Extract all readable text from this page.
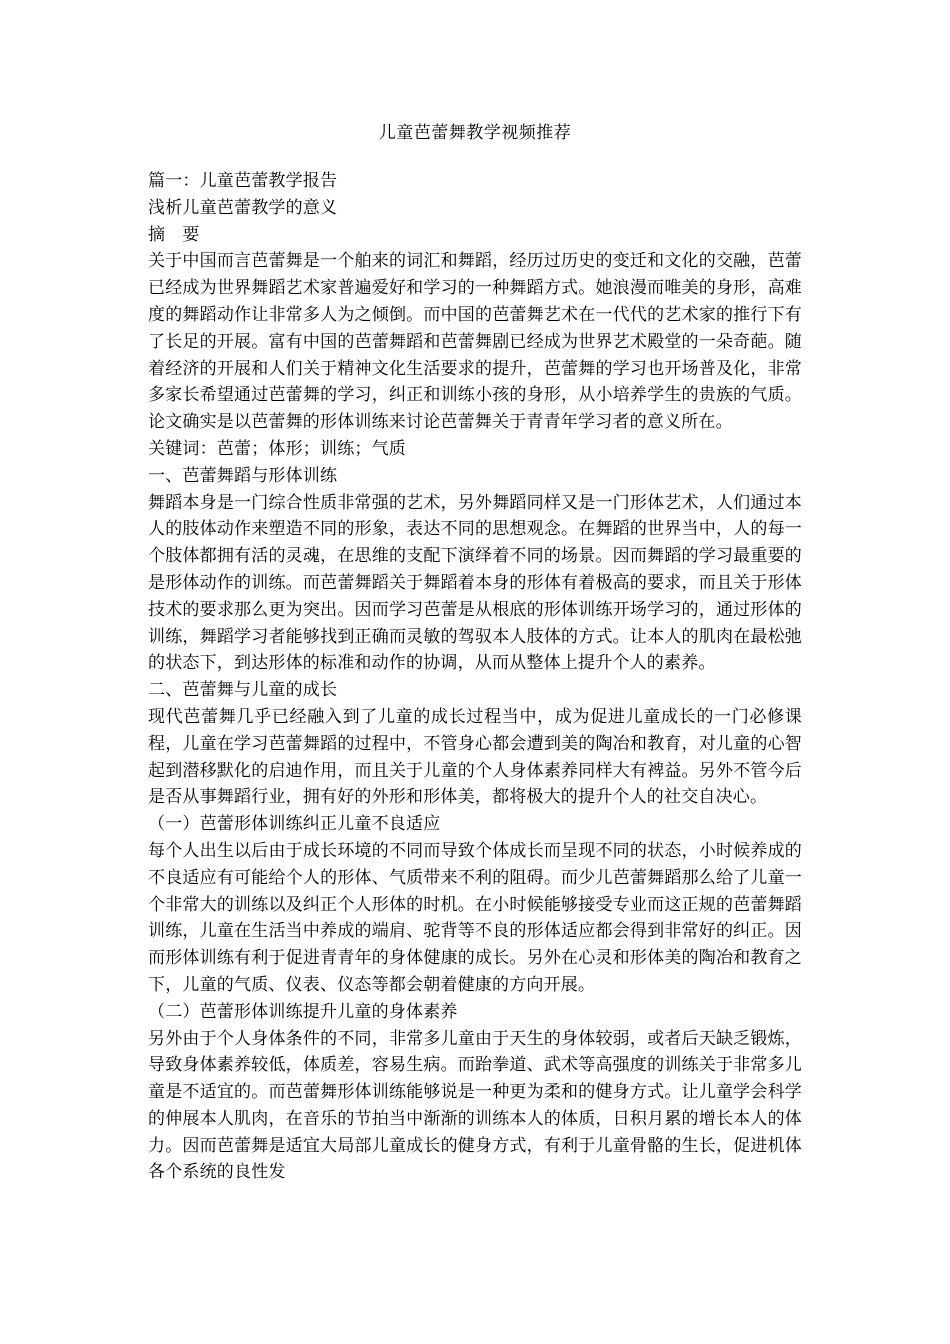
儿童芭蕾舞教学视频推荐

篇一：儿童芭蕾教学报告

浅析儿童芭蕾教学的意义

摘 要

关于中国而言芭蕾舞是一个舶来的词汇和舞蹈，经历过历史的变迁和文化的交融，芭蕾已经成为世界舞蹈艺术家普遍爱好和学习的一种舞蹈方式。她浪漫而唯美的身形，高难度的舞蹈动作让非常多人为之倾倒。而中国的芭蕾舞艺术在一代代的艺术家的推行下有了长足的开展。富有中国的芭蕾舞蹈和芭蕾舞剧已经成为世界艺术殿堂的一朵奇葩。随着经济的开展和人们关于精神文化生活要求的提升，芭蕾舞的学习也开场普及化，非常多家长希望通过芭蕾舞的学习，纠正和训练小孩的身形，从小培养学生的贵族的气质。论文确实是以芭蕾舞的形体训练来讨论芭蕾舞关于青青年学习者的意义所在。

关键词：芭蕾；体形；训练；气质

一、芭蕾舞蹈与形体训练

舞蹈本身是一门综合性质非常强的艺术，另外舞蹈同样又是一门形体艺术，人们通过本人的肢体动作来塑造不同的形象，表达不同的思想观念。在舞蹈的世界当中，人的每一个肢体都拥有活的灵魂，在思维的支配下演绎着不同的场景。因而舞蹈的学习最重要的是形体动作的训练。而芭蕾舞蹈关于舞蹈着本身的形体有着极高的要求，而且关于形体技术的要求那么更为突出。因而学习芭蕾是从根底的形体训练开场学习的，通过形体的训练，舞蹈学习者能够找到正确而灵敏的驾驭本人肢体的方式。让本人的肌肉在最松弛的状态下，到达形体的标准和动作的协调，从而从整体上提升个人的素养。

二、芭蕾舞与儿童的成长

现代芭蕾舞几乎已经融入到了儿童的成长过程当中，成为促进儿童成长的一门必修课程，儿童在学习芭蕾舞蹈的过程中，不管身心都会遭到美的陶冶和教育，对儿童的心智起到潜移默化的启迪作用，而且关于儿童的个人身体素养同样大有裨益。另外不管今后是否从事舞蹈行业，拥有好的外形和形体美，都将极大的提升个人的社交自决心。

（一）芭蕾形体训练纠正儿童不良适应

每个人出生以后由于成长环境的不同而导致个体成长而呈现不同的状态，小时候养成的不良适应有可能给个人的形体、气质带来不利的阻碍。而少儿芭蕾舞蹈那么给了儿童一个非常大的训练以及纠正个人形体的时机。在小时候能够接受专业而这正规的芭蕾舞蹈训练，儿童在生活当中养成的端肩、驼背等不良的形体适应都会得到非常好的纠正。因而形体训练有利于促进青青年的身体健康的成长。另外在心灵和形体美的陶冶和教育之下，儿童的气质、仪表、仪态等都会朝着健康的方向开展。

（二）芭蕾形体训练提升儿童的身体素养

另外由于个人身体条件的不同，非常多儿童由于天生的身体较弱，或者后天缺乏锻炼，导致身体素养较低，体质差，容易生病。而跆拳道、武术等高强度的训练关于非常多儿童是不适宜的。而芭蕾舞形体训练能够说是一种更为柔和的健身方式。让儿童学会科学的伸展本人肌肉，在音乐的节拍当中渐渐的训练本人的体质，日积月累的增长本人的体力。因而芭蕾舞是适宜大局部儿童成长的健身方式，有利于儿童骨骼的生长，促进机体各个系统的良性发
